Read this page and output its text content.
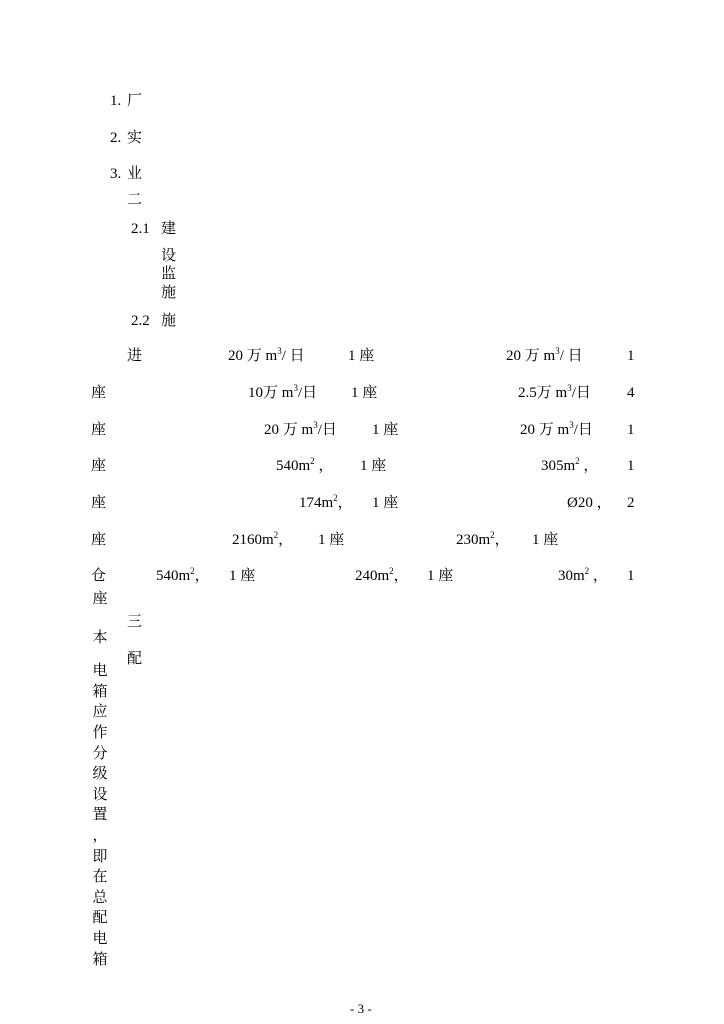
1. 厂
2. 实
3. 业
二
2.1 建
设
监
施
2.2 施
进	20 万 $m^3/$ 日	1 座	20 万 $m^3/$ 日	1
座	10万 $m^3/$日 1 座	2.5万 $m^3/$日 4
座	20 万 $m^3/$日 1 座	20 万 $m^3/$日 1
座	$540m^2$ ， 1 座	$305m^2$ ， 1
座	$174m^2$， 1 座	Ø20 ， 2
座	$2160m^2$， 1 座	$230m^2$， 1 座
仓	$540m^2$， 1 座	$240m^2$， 1 座	$30m^2$ ， 1
三
配
座
本
电
箱
应
作
分
级
设
置
，
即
在
总
配
电
箱
- 3 -
